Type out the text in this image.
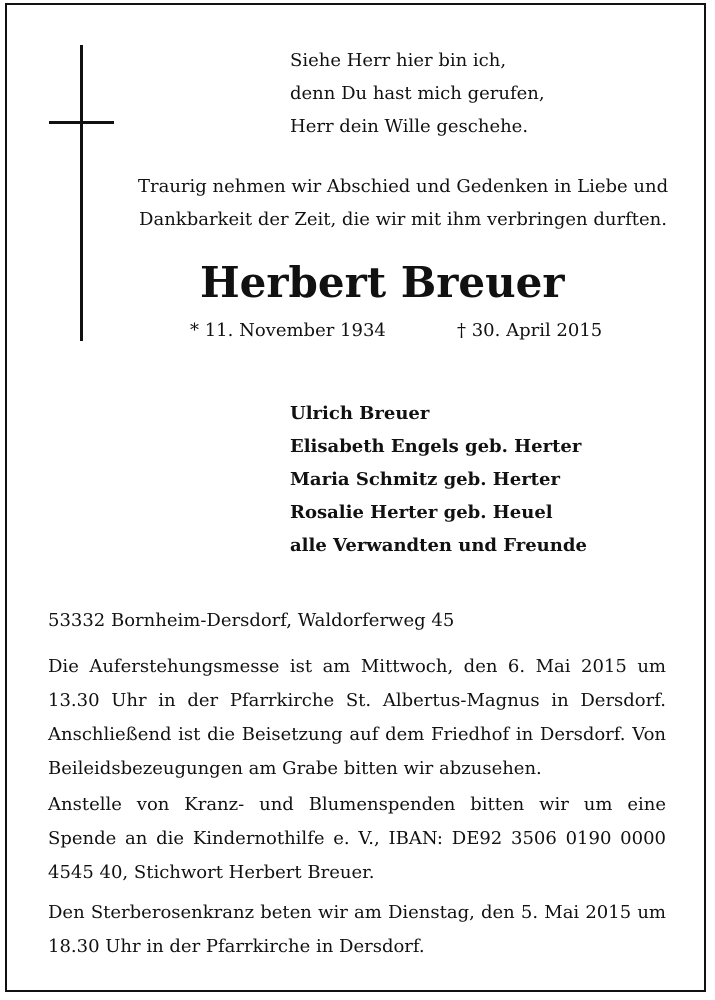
Siehe Herr hier bin ich,
denn Du hast mich gerufen,
Herr dein Wille geschehe.
Traurig nehmen wir Abschied und Gedenken in Liebe und
Dankbarkeit der Zeit, die wir mit ihm verbringen durften.
Herbert Breuer
* 11. November 1934	† 30. April 2015
Ulrich Breuer
Elisabeth Engels geb. Herter
Maria Schmitz geb. Herter
Rosalie Herter geb. Heuel
alle Verwandten und Freunde
53332 Bornheim-Dersdorf, Waldorferweg 45
Die Auferstehungsmesse ist am Mittwoch, den 6. Mai 2015 um 13.30 Uhr in der Pfarrkirche St. Albertus-Magnus in Dersdorf. Anschließend ist die Beisetzung auf dem Friedhof in Dersdorf. Von Beileidsbezeugungen am Grabe bitten wir abzusehen.
Anstelle von Kranz- und Blumenspenden bitten wir um eine Spende an die Kindernothilfe e. V., IBAN: DE92 3506 0190 0000 4545 40, Stichwort Herbert Breuer.
Den Sterberosenkranz beten wir am Dienstag, den 5. Mai 2015 um 18.30 Uhr in der Pfarrkirche in Dersdorf.
